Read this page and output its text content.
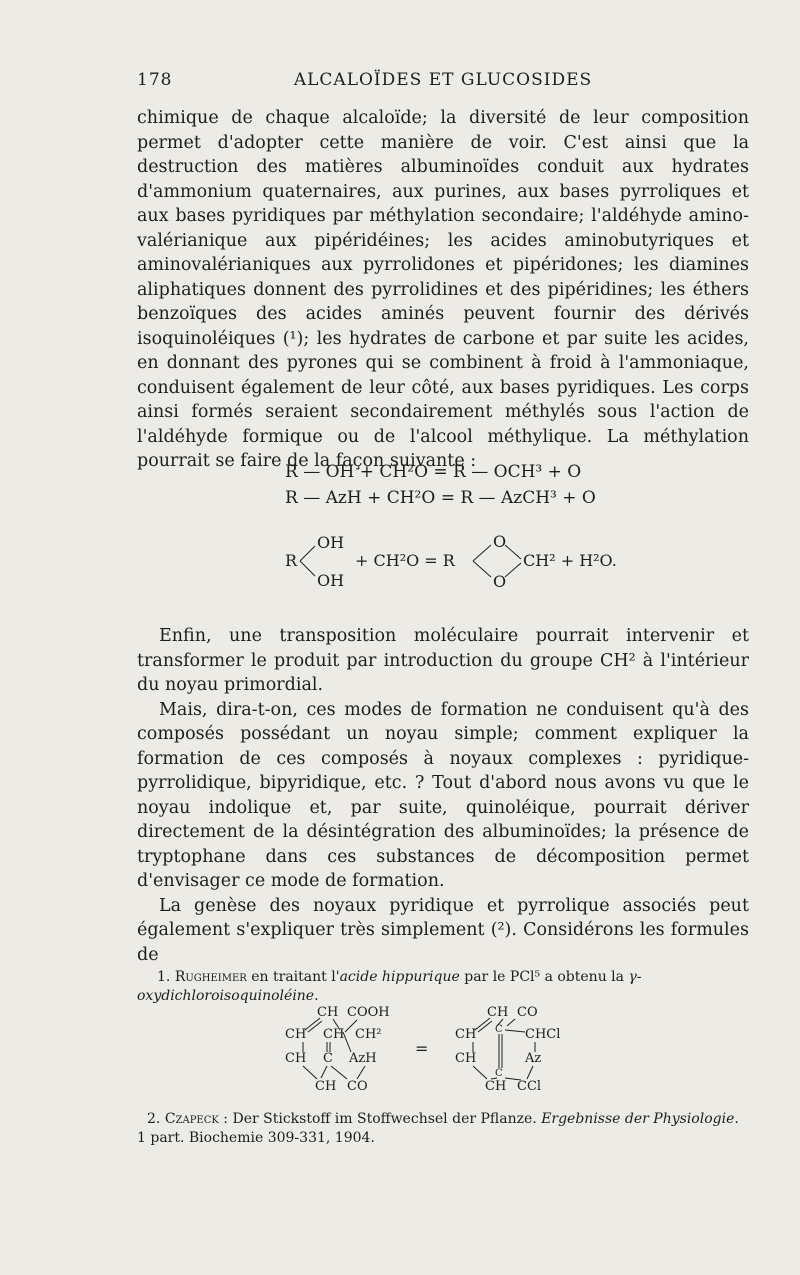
178	ALCALOÏDES ET GLUCOSIDES

chimique de chaque alcaloïde; la diversité de leur composition permet d'adopter cette manière de voir. C'est ainsi que la destruction des matières albuminoïdes conduit aux hydrates d'ammonium quaternaires, aux purines, aux bases pyrroliques et aux bases pyridiques par méthylation secondaire; l'aldéhyde amino-valérianique aux pipéridéines; les acides aminobutyriques et aminovalérianiques aux pyrrolidones et pipéridones; les diamines aliphatiques donnent des pyrrolidines et des pipéridines; les éthers benzoïques des acides aminés peuvent fournir des dérivés isoquinoléiques (¹); les hydrates de carbone et par suite les acides, en donnant des pyrones qui se combinent à froid à l'ammoniaque, conduisent également de leur côté, aux bases pyridiques. Les corps ainsi formés seraient secondairement méthylés sous l'action de l'aldéhyde formique ou de l'alcool méthylique. La méthylation pourrait se faire de la façon suivante :

R — OH + CH²O = R — OCH³ + O
R — AzH + CH²O = R — AzCH³ + O
R
OH
OH
+ CH²O = R
O
O
CH² + H²O.

Enfin, une transposition moléculaire pourrait intervenir et transformer le produit par introduction du groupe CH² à l'intérieur du noyau primordial.

Mais, dira-t-on, ces modes de formation ne conduisent qu'à des composés possédant un noyau simple; comment expliquer la formation de ces composés à noyaux complexes : pyridique-pyrrolidique, bipyridique, etc. ? Tout d'abord nous avons vu que le noyau indolique et, par suite, quinoléique, pourrait dériver directement de la désintégration des albuminoïdes; la présence de tryptophane dans ces substances de décomposition permet d'envisager ce mode de formation.

La genèse des noyaux pyridique et pyrrolique associés peut également s'expliquer très simplement (²). Considérons les formules de

1. Rugheimer en traitant l'acide hippurique par le PCl⁵ a obtenu la γ-oxydichloroisoquinoléine.
CH COOH
CH CH CH²
CH C AzH
CH CO
=
CH CO
CH C CHCl
CH	Az
C
CH CCl
2. Czapeck : Der Stickstoff im Stoffwechsel der Pflanze. Ergebnisse der Physiologie. 1 part. Biochemie 309-331, 1904.
